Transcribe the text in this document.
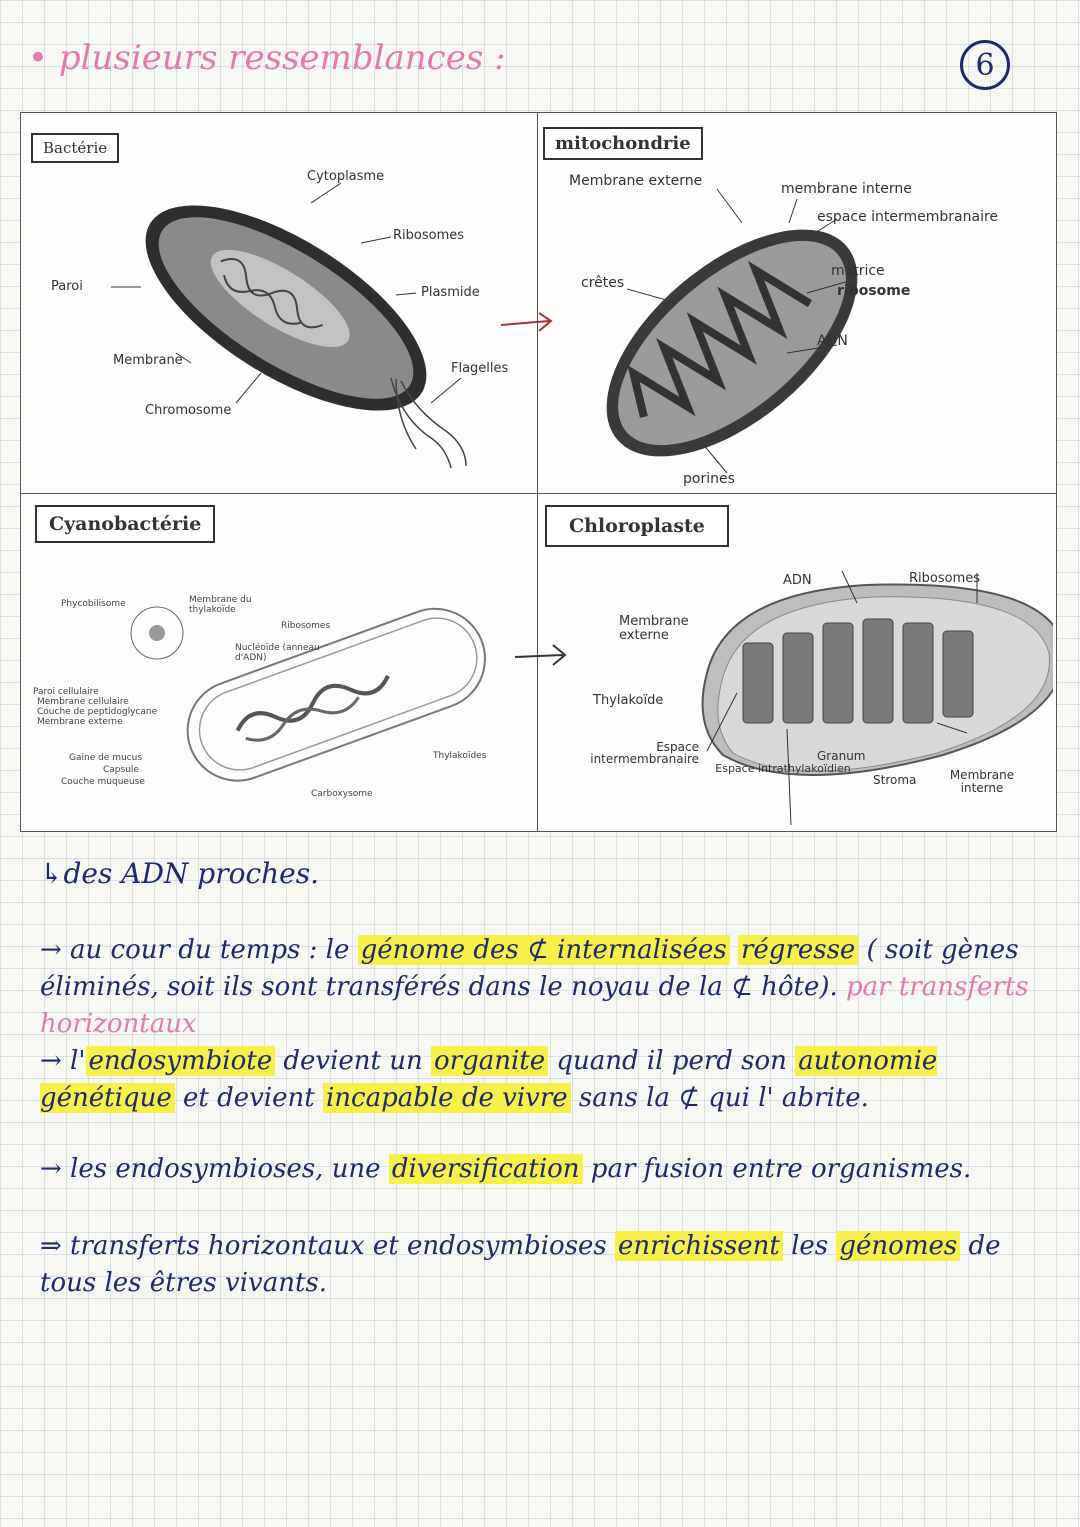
• plusieurs ressemblances :	6
Bactérie
Cytoplasme
Ribosomes
Plasmide
Paroi
Membrane
Flagelles
Chromosome
mitochondrie
Membrane externe	membrane interne
espace intermembranaire
crêtes
matrice
ribosome
ADN
porines
Cyanobactérie
Phycobilisome	Membrane du thylakoïde
Ribosomes
Nucléoïde (anneau d'ADN)
Paroi cellulaire
Membrane cellulaire
Couche de peptidoglycane
Membrane externe
Gaine de mucus
Capsule
Couche muqueuse
Thylakoïdes
Carboxysome
Chloroplaste
ADN	Ribosomes
Membrane externe
Thylakoïde
Espace intermembranaire	Granum
Espace intrathylakoïdien
Stroma	Membrane interne

↳des ADN proches.

→ au cour du temps : le génome des ⊄ internalisées régresse ( soit gènes éliminés, soit ils sont transférés dans le noyau de la ⊄ hôte). par transferts horizontaux

→ l' endosymbiote devient un organite quand il perd son autonomie génétique et devient incapable de vivre sans la ⊄ qui l' abrite.

→ les endosymbioses, une diversification par fusion entre organismes.

⇒ transferts horizontaux et endosymbioses enrichissent les génomes de tous les êtres vivants.
